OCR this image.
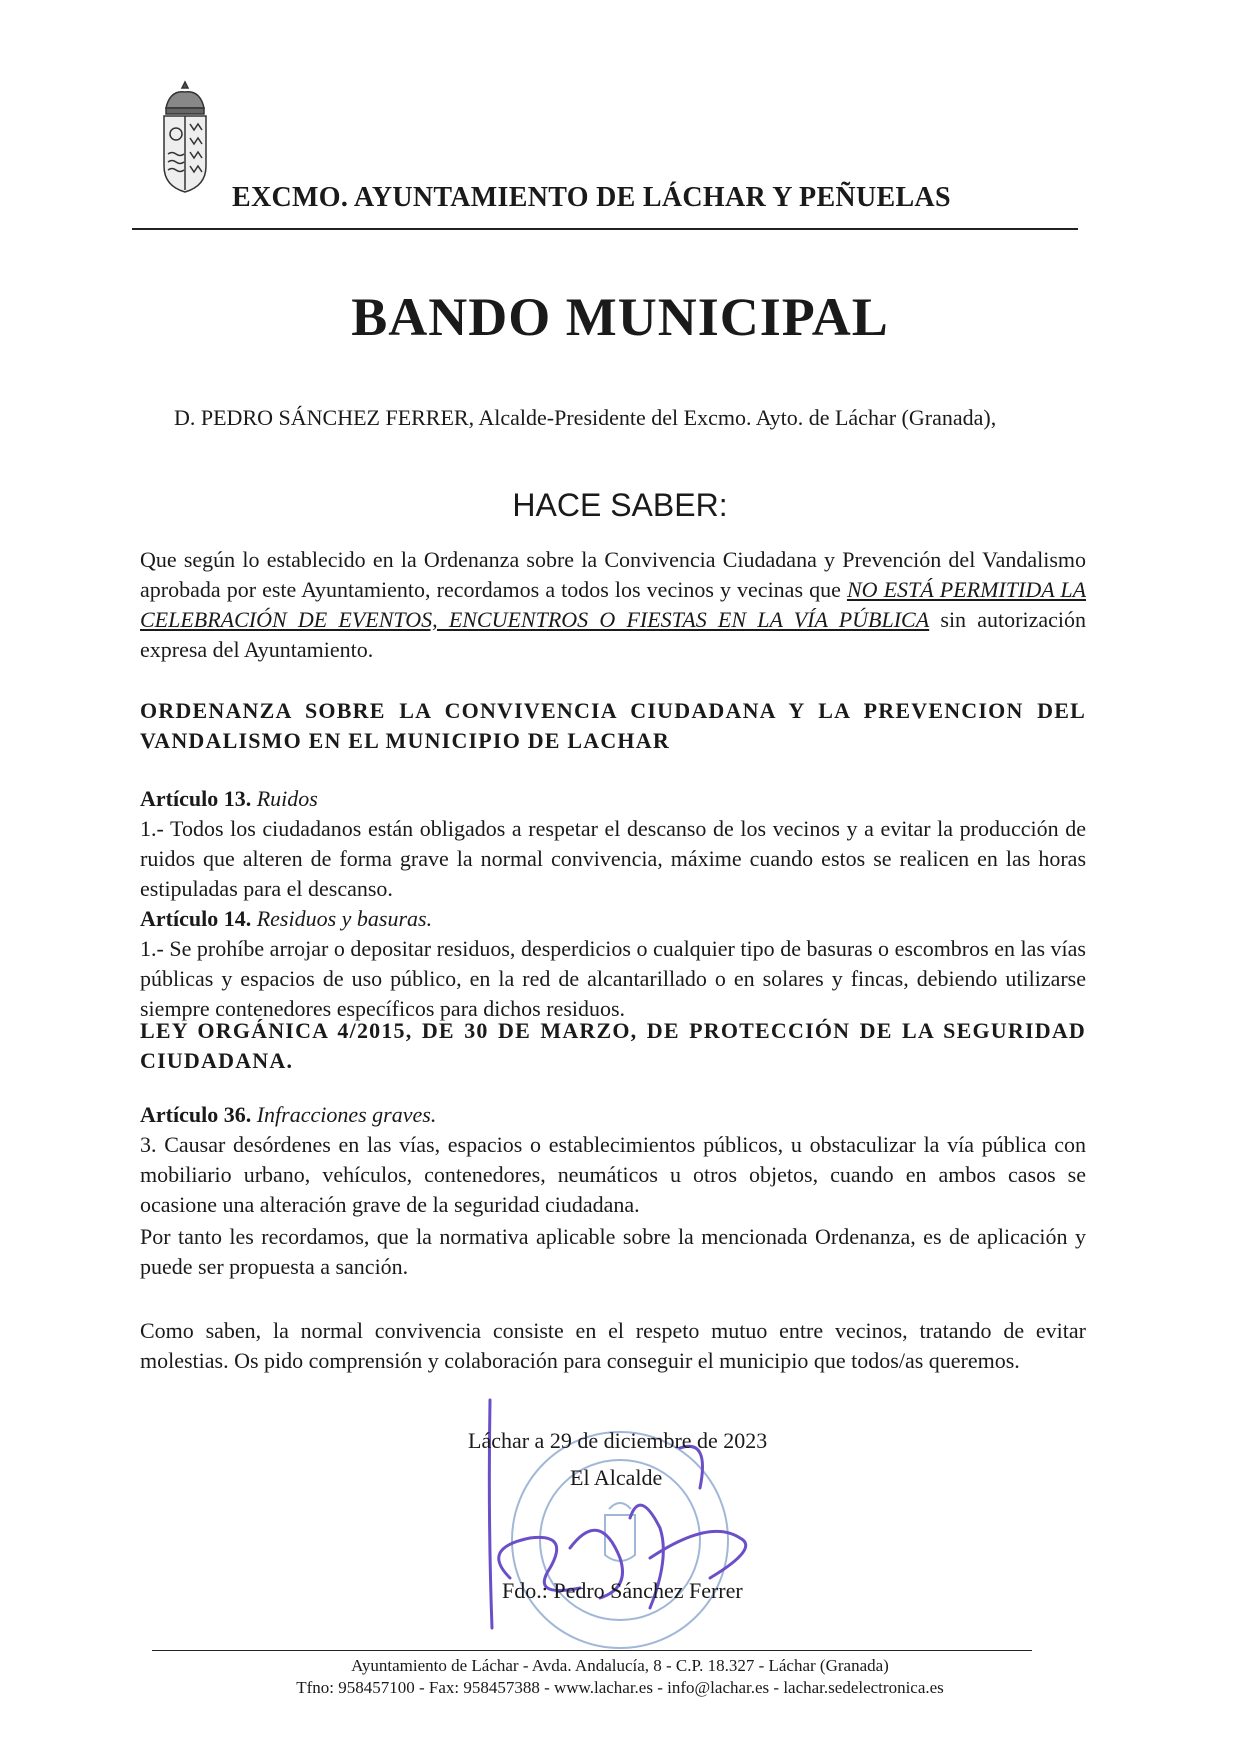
EXCMO. AYUNTAMIENTO DE LÁCHAR Y PEÑUELAS
BANDO MUNICIPAL
D. PEDRO SÁNCHEZ FERRER, Alcalde-Presidente del Excmo. Ayto. de Láchar (Granada),
HACE SABER:

Que según lo establecido en la Ordenanza sobre la Convivencia Ciudadana y Prevención del Vandalismo aprobada por este Ayuntamiento, recordamos a todos los vecinos y vecinas que NO ESTÁ PERMITIDA LA CELEBRACIÓN DE EVENTOS, ENCUENTROS O FIESTAS EN LA VÍA PÚBLICA sin autorización expresa del Ayuntamiento.

ORDENANZA SOBRE LA CONVIVENCIA CIUDADANA Y LA PREVENCION DEL VANDALISMO EN EL MUNICIPIO DE LACHAR

Artículo 13. Ruidos

1.- Todos los ciudadanos están obligados a respetar el descanso de los vecinos y a evitar la producción de ruidos que alteren de forma grave la normal convivencia, máxime cuando estos se realicen en las horas estipuladas para el descanso.

Artículo 14. Residuos y basuras.

1.- Se prohíbe arrojar o depositar residuos, desperdicios o cualquier tipo de basuras o escombros en las vías públicas y espacios de uso público, en la red de alcantarillado o en solares y fincas, debiendo utilizarse siempre contenedores específicos para dichos residuos.

LEY ORGÁNICA 4/2015, DE 30 DE MARZO, DE PROTECCIÓN DE LA SEGURIDAD CIUDADANA.

Artículo 36. Infracciones graves.

3. Causar desórdenes en las vías, espacios o establecimientos públicos, u obstaculizar la vía pública con mobiliario urbano, vehículos, contenedores, neumáticos u otros objetos, cuando en ambos casos se ocasione una alteración grave de la seguridad ciudadana.

Por tanto les recordamos, que la normativa aplicable sobre la mencionada Ordenanza, es de aplicación y puede ser propuesta a sanción.
Como saben, la normal convivencia consiste en el respeto mutuo entre vecinos, tratando de evitar molestias. Os pido comprensión y colaboración para conseguir el municipio que todos/as queremos.
Láchar a 29 de diciembre de 2023
El Alcalde
Fdo.: Pedro Sánchez Ferrer
Ayuntamiento de Láchar - Avda. Andalucía, 8 - C.P. 18.327 - Láchar (Granada)
Tfno: 958457100 - Fax: 958457388 - www.lachar.es - info@lachar.es - lachar.sedelectronica.es
